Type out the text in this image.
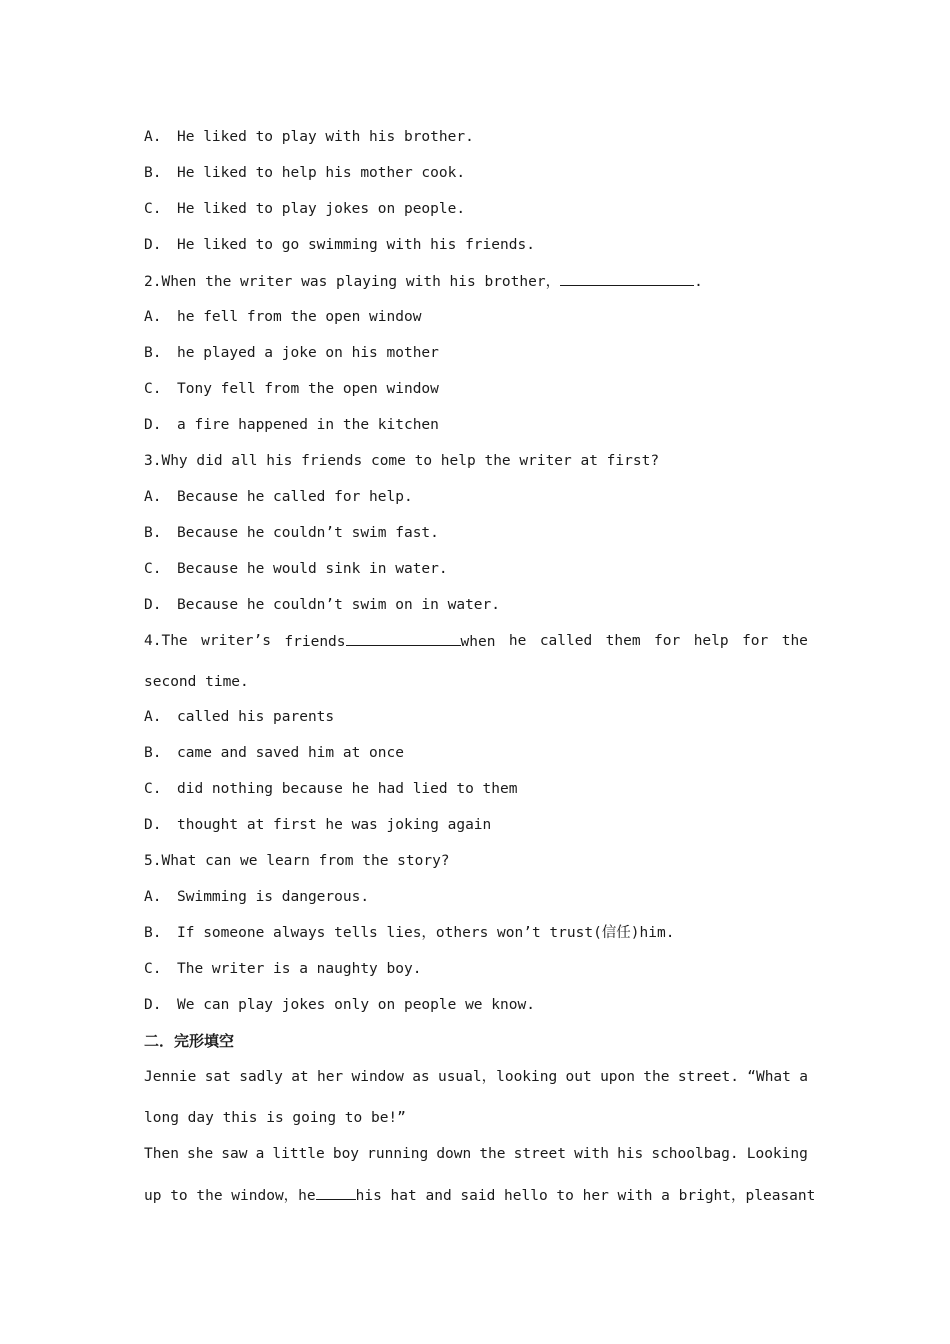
A. He liked to play with his brother.
B. He liked to help his mother cook.
C. He liked to play jokes on people.
D. He liked to go swimming with his friends.
2.When the writer was playing with his brother，	.
A. he fell from the open window
B. he played a joke on his mother
C. Tony fell from the open window
D. a fire happened in the kitchen
3.Why did all his friends come to help the writer at first?
A. Because he called for help.
B. Because he couldn’t swim fast.
C. Because he would sink in water.
D. Because he couldn’t swim on in water.
4.The writer’s friends	when he called them for help for the
second time.
A. called his parents
B. came and saved him at once
C. did nothing because he had lied to them
D. thought at first he was joking again
5.What can we learn from the story?
A. Swimming is dangerous.
B. If someone always tells lies，others won’t trust(信任)him.
C. The writer is a naughty boy.
D. We can play jokes only on people we know.
二．完形填空
Jennie sat sadly at her window as usual，looking out upon the street. “What a
long day this is going to be!”
Then she saw a little boy running down the street with his schoolbag. Looking
up to the window，he	his hat and said hello to her with a bright，pleasant
